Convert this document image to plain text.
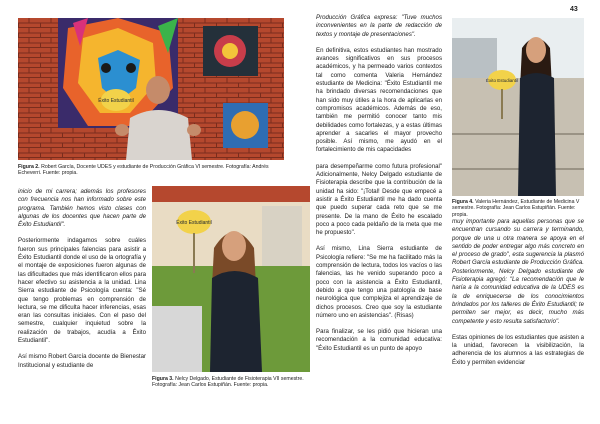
43
Éxito Estudiantil

Figura 2. Robert García, Docente UDES y estudiante de Producción Gráfica VI semestre. Fotografía: Andrés Echeverri. Fuente: propia.

inicio de mi carrera; además los profesores con frecuencia nos han informado sobre este programa. También hemos visto clases con algunas de los docentes que hacen parte de Éxito Estudiantil".

Posteriormente indagamos sobre cuáles fueron sus principales falencias para asistir a Éxito Estudiantil donde el uso de la ortografía y el montaje de exposiciones fueron algunas de las dificultades que más identificaron ellos para hacer efectivo su asistencia a la unidad. Lina Sierra estudiante de Psicología cuenta: "Sé que tengo problemas en comprensión de lectura, se me dificulta hacer inferencias, esas eran las consultas iniciales. Con el paso del semestre, cualquier inquietud sobre la realización de trabajos, acudía a Éxito Estudiantil".

Así mismo Robert García docente de Bienestar Institucional y estudiante de

Éxito Estudiantil

Figura 3. Nelcy Delgado, Estudiante de Fisioterapia VII semestre. Fotografía: Jean Carlos Estupiñán. Fuente: propia.

Producción Gráfica expresa: "Tuve muchos inconvenientes en la parte de redacción de textos y montaje de presentaciones".

En definitiva, estos estudiantes han mostrado avances significativos en sus procesos académicos, y ha permeado varios contextos tal como comenta Valeria Hernández estudiante de Medicina: "Éxito Estudiantil me ha brindado diversas recomendaciones que han sido muy útiles a la hora de aplicarlas en compromisos académicos. Además de eso, también me permitió conocer tanto mis debilidades como fortalezas, y a estas últimas aprender a sacarles el mayor provecho posible. Así mismo, me ayudó en el fortalecimiento de mis capacidades

para desempeñarme como futura profesional" Adicionalmente, Nelcy Delgado estudiante de Fisioterapia describe que la contribución de la unidad ha sido: "¡Total! Desde que empecé a asistir a Éxito Estudiantil me ha dado cuenta que puedo superar cada reto que se me presente. De la mano de Éxito he escalado poco a poco cada peldaño de la meta que me he propuesto".

Así mismo, Lina Sierra estudiante de Psicología refiere: "Se me ha facilitado más la comprensión de lectura, todos los vacíos o las falencias, las he venido superando poco a poco con la asistencia a Éxito Estudiantil, debido a que tengo una patología de base neurológica que complejiza el aprendizaje de dichos procesos. Creo que soy la estudiante número uno en asistencias". (Risas)

Para finalizar, se les pidió que hicieran una recomendación a la comunidad educativa: "Éxito Estudiantil es un punto de apoyo

Éxito Estudiantil

Figura 4. Valeria Hernández, Estudiante de Medicina V semestre. Fotografía: Jean Carlos Estupiñán. Fuente: propia.

muy importante para aquellas personas que se encuentran cursando su carrera y terminando, porque de una u otra manera se apoya en el sentido de poder entregar algo más concreto en el proceso de grado", esta sugerencia la plasmó Robert García estudiante de Producción Gráfica. Posteriormente, Nelcy Delgado estudiante de Fisioterapia agregó: "La recomendación que le haría a la comunidad educativa de la UDES es la de enriquecerse de los conocimientos brindados por los talleres de Éxito Estudiantil; te permiten ser mejor, es decir, mucho más competente y esto resulta satisfactorio".

Estas opiniones de los estudiantes que asisten a la unidad, favorecen la visibilización, la adherencia de los alumnos a las estrategias de Éxito y permiten evidenciar
